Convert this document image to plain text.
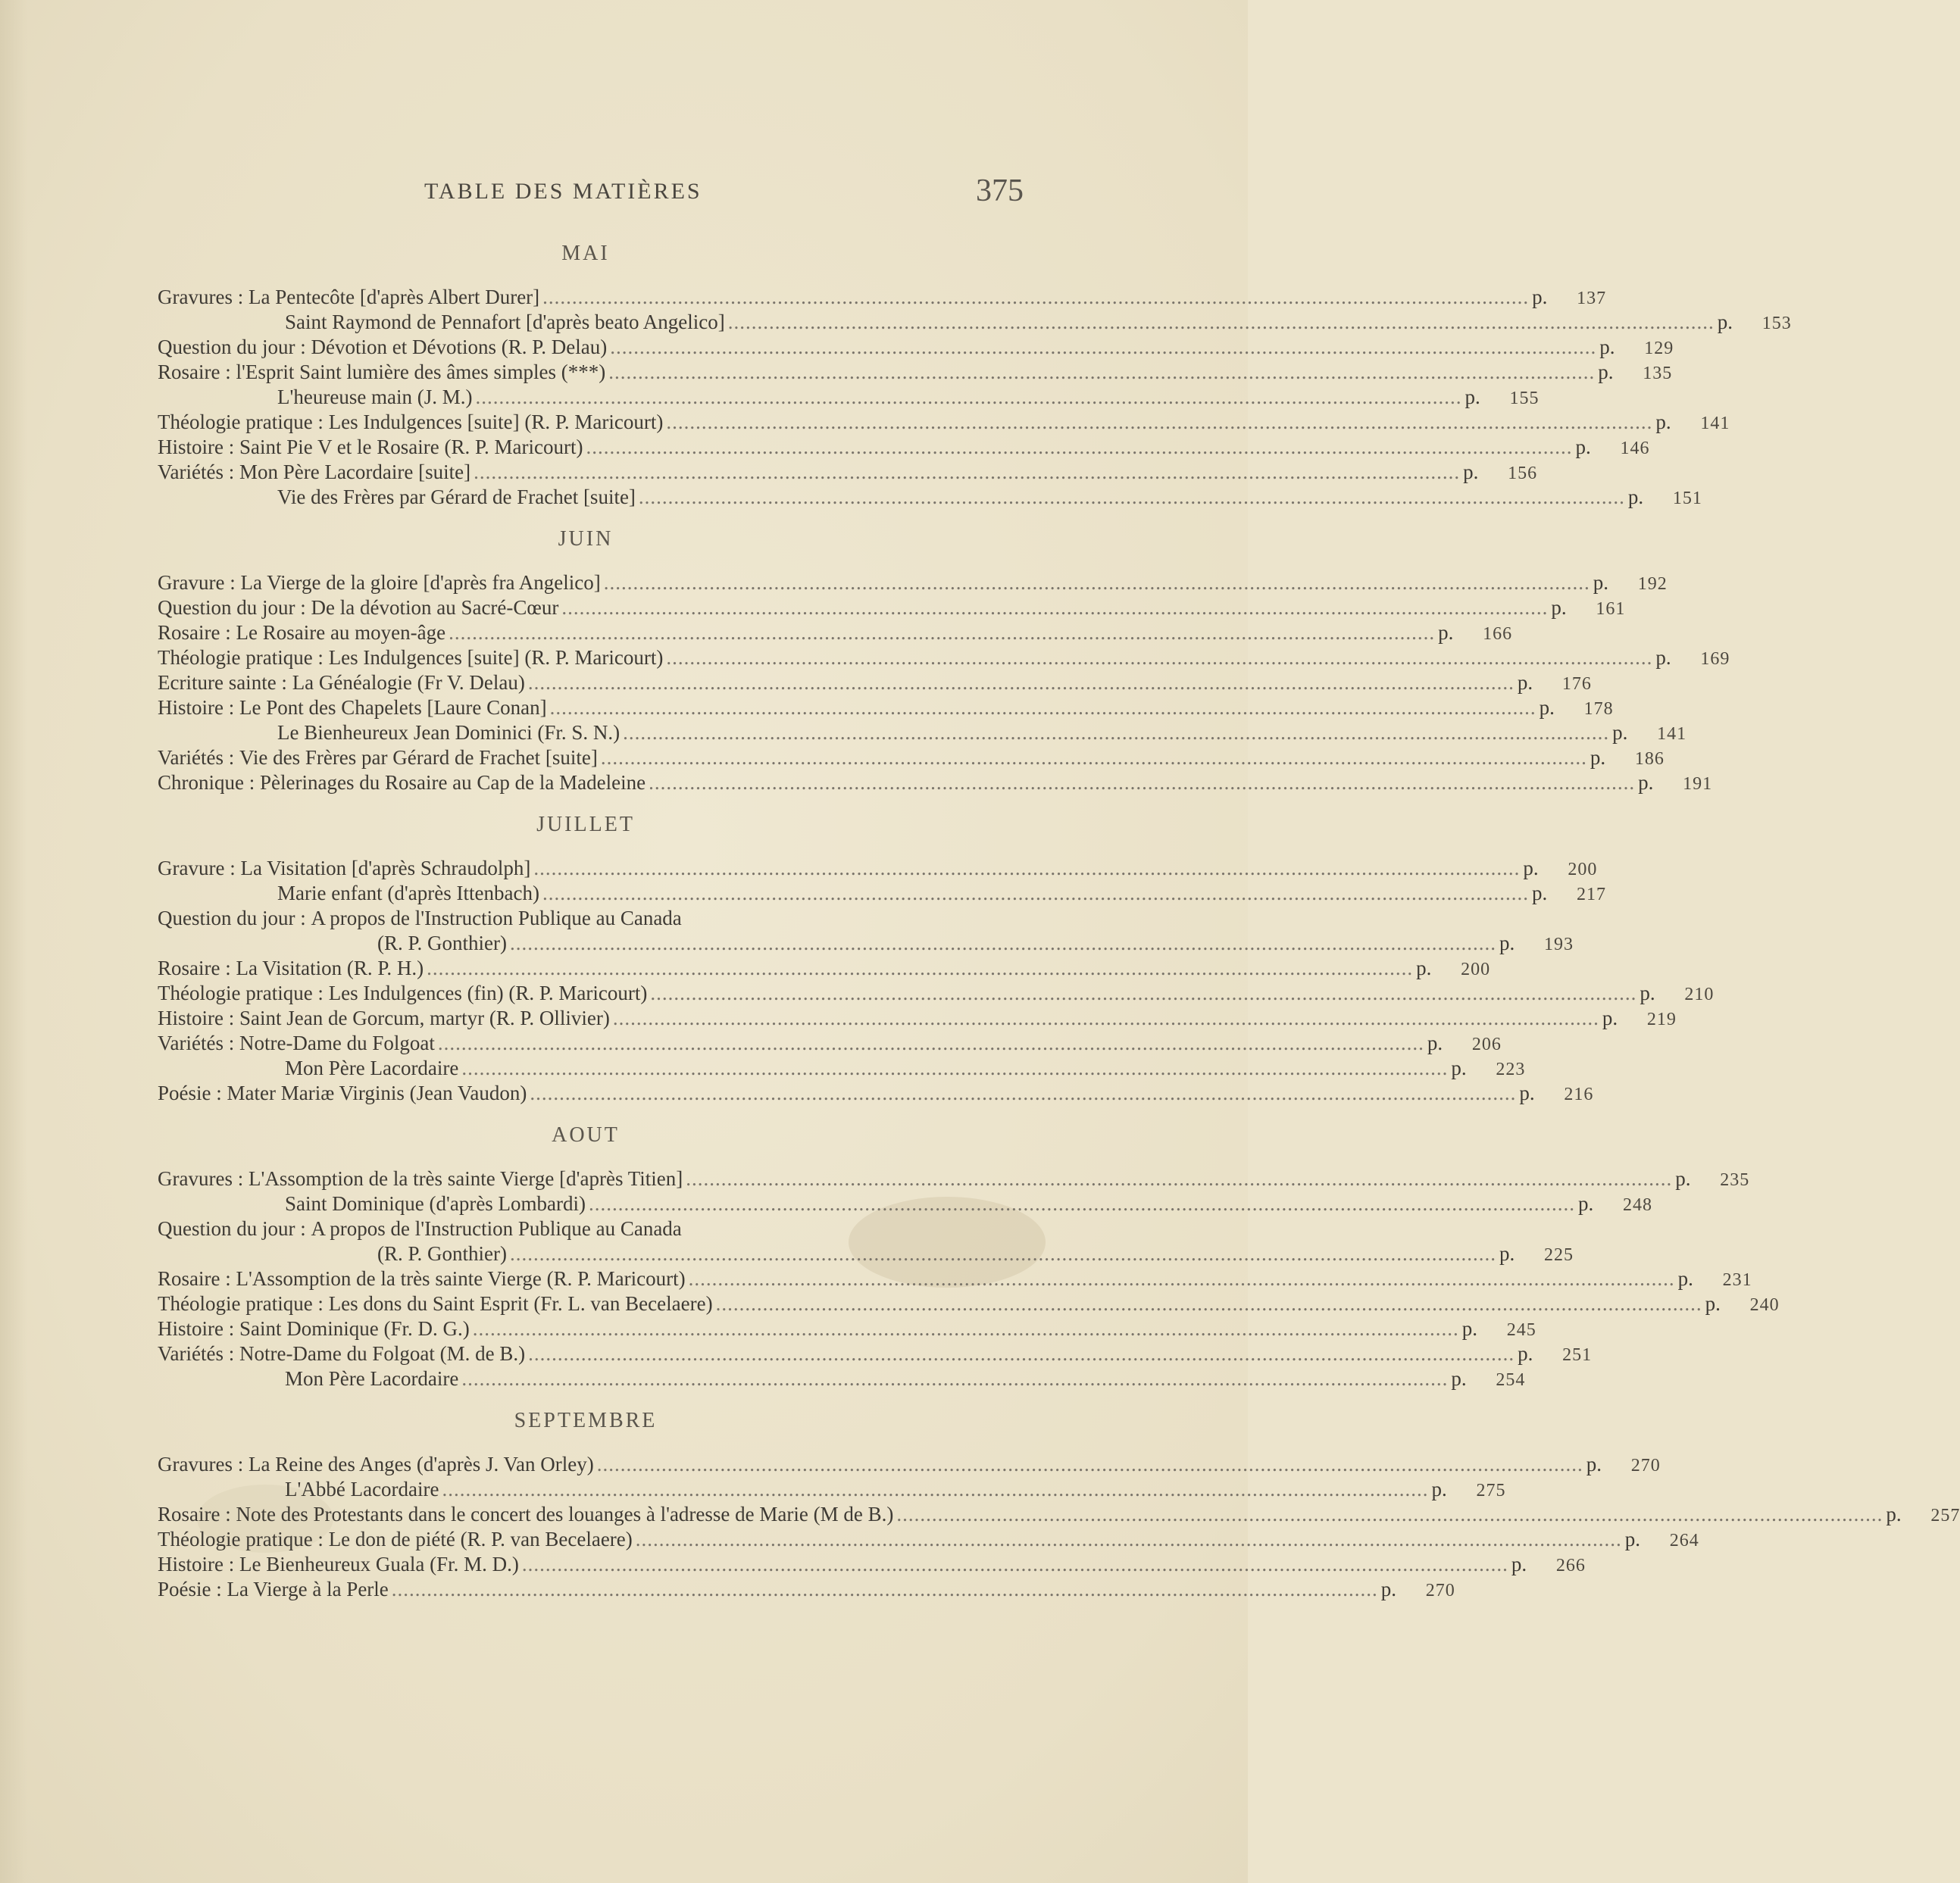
TABLE DES MATIÈRES	375
MAI
Gravures : La Pentecôte [d'après Albert Durer] .....	p.	137
Saint Raymond de Pennafort [d'après beato Angelico] .....	p.	153
Question du jour : Dévotion et Dévotions (R. P. Delau) .....	p.	129
Rosaire : l'Esprit Saint lumière des âmes simples (***) .....	p.	135
L'heureuse main (J. M.) .....	p.	155
Théologie pratique : Les Indulgences [suite] (R. P. Maricourt) .....	p.	141
Histoire : Saint Pie V et le Rosaire (R. P. Maricourt) .....	p.	146
Variétés : Mon Père Lacordaire [suite] .....	p.	156
Vie des Frères par Gérard de Frachet [suite] .....	p.	151
JUIN
Gravure : La Vierge de la gloire [d'après fra Angelico] .....	p.	192
Question du jour : De la dévotion au Sacré-Cœur .....	p.	161
Rosaire : Le Rosaire au moyen-âge .....	p.	166
Théologie pratique : Les Indulgences [suite] (R. P. Maricourt) .....	p.	169
Ecriture sainte : La Généalogie (Fr V. Delau) .....	p.	176
Histoire : Le Pont des Chapelets [Laure Conan] .....	p.	178
Le Bienheureux Jean Dominici (Fr. S. N.) .....	p.	141
Variétés : Vie des Frères par Gérard de Frachet [suite] .....	p.	186
Chronique : Pèlerinages du Rosaire au Cap de la Madeleine .....	p.	191
JUILLET
Gravure : La Visitation [d'après Schraudolph] .....	p.	200
Marie enfant (d'après Ittenbach) .....	p.	217
Question du jour : A propos de l'Instruction Publique au Canada
(R. P. Gonthier) .....	p.	193
Rosaire : La Visitation (R. P. H.) .....	p.	200
Théologie pratique : Les Indulgences (fin) (R. P. Maricourt) .....	p.	210
Histoire : Saint Jean de Gorcum, martyr (R. P. Ollivier) .....	p.	219
Variétés : Notre-Dame du Folgoat .....	p.	206
Mon Père Lacordaire .....	p.	223
Poésie : Mater Mariæ Virginis (Jean Vaudon) .....	p.	216
AOUT
Gravures : L'Assomption de la très sainte Vierge [d'après Titien] .....	p.	235
Saint Dominique (d'après Lombardi) .....	p.	248
Question du jour : A propos de l'Instruction Publique au Canada
(R. P. Gonthier) .....	p.	225
Rosaire : L'Assomption de la très sainte Vierge (R. P. Maricourt) .....	p.	231
Théologie pratique : Les dons du Saint Esprit (Fr. L. van Becelaere) .....	p.	240
Histoire : Saint Dominique (Fr. D. G.) .....	p.	245
Variétés : Notre-Dame du Folgoat (M. de B.) .....	p.	251
Mon Père Lacordaire .....	p.	254
SEPTEMBRE
Gravures : La Reine des Anges (d'après J. Van Orley) .....	p.	270
L'Abbé Lacordaire .....	p.	275
Rosaire : Note des Protestants dans le concert des louanges à l'adresse de Marie (M de B.) .....	p.	257
Théologie pratique : Le don de piété (R. P. van Becelaere) .....	p.	264
Histoire : Le Bienheureux Guala (Fr. M. D.) .....	p.	266
Poésie : La Vierge à la Perle .....	p.	270
